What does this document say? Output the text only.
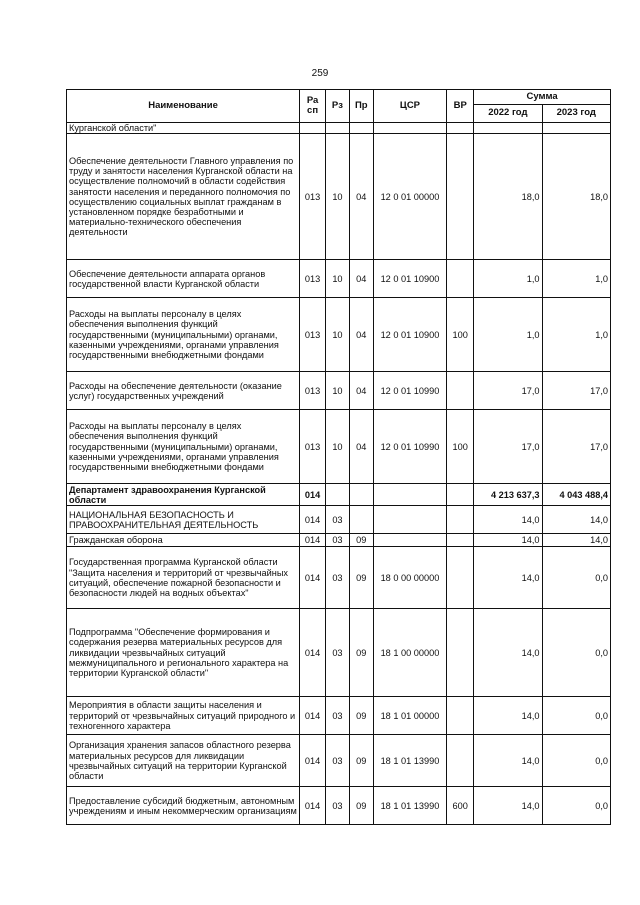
259
Наименование	Ра сп	Рз	Пр	ЦСР	ВР	Сумма	
						2022 год	2023 год
Курганской области"							
Обеспечение деятельности Главного управления по труду и занятости населения Курганской области на осуществление полномочий в области содействия занятости населения и переданного полномочия по осуществлению социальных выплат гражданам в установленном порядке безработными и материально-технического обеспечения деятельности	013	10	04	12 0 01 00000		18,0	18,0
Обеспечение деятельности аппарата органов государственной власти Курганской области	013	10	04	12 0 01 10900		1,0	1,0
Расходы на выплаты персоналу в целях обеспечения выполнения функций государственными (муниципальными) органами, казенными учреждениями, органами управления государственными внебюджетными фондами	013	10	04	12 0 01 10900	100	1,0	1,0
Расходы на обеспечение деятельности (оказание услуг) государственных учреждений	013	10	04	12 0 01 10990		17,0	17,0
Расходы на выплаты персоналу в целях обеспечения выполнения функций государственными (муниципальными) органами, казенными учреждениями, органами управления государственными внебюджетными фондами	013	10	04	12 0 01 10990	100	17,0	17,0
Департамент здравоохранения Курганской области	014					4 213 637,3	4 043 488,4
НАЦИОНАЛЬНАЯ БЕЗОПАСНОСТЬ И ПРАВООХРАНИТЕЛЬНАЯ ДЕЯТЕЛЬНОСТЬ	014	03				14,0	14,0
Гражданская оборона	014	03	09			14,0	14,0
Государственная программа Курганской области "Защита населения и территорий от чрезвычайных ситуаций, обеспечение пожарной безопасности и безопасности людей на водных объектах"	014	03	09	18 0 00 00000		14,0	0,0
Подпрограмма "Обеспечение формирования и содержания резерва материальных ресурсов для ликвидации чрезвычайных ситуаций межмуниципального и регионального характера на территории Курганской области"	014	03	09	18 1 00 00000		14,0	0,0
Мероприятия в области защиты населения и территорий от чрезвычайных ситуаций природного и техногенного характера	014	03	09	18 1 01 00000		14,0	0,0
Организация хранения запасов областного резерва материальных ресурсов для ликвидации чрезвычайных ситуаций на территории Курганской области	014	03	09	18 1 01 13990		14,0	0,0
Предоставление субсидий бюджетным, автономным учреждениям и иным некоммерческим организациям	014	03	09	18 1 01 13990	600	14,0	0,0
